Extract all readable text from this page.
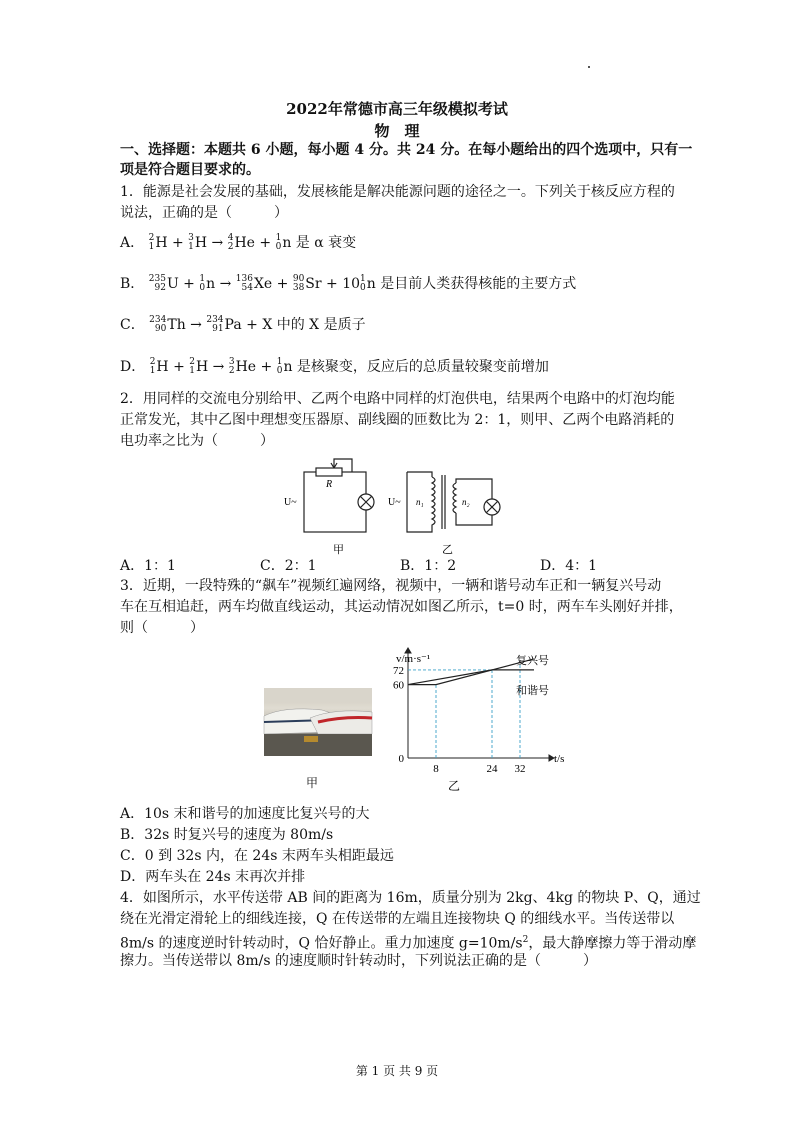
2022年常德市高三年级模拟考试
物　理
一、选择题：本题共 6 小题，每小题 4 分。共 24 分。在每小题给出的四个选项中，只有一
项是符合题目要求的。
1．能源是社会发展的基础，发展核能是解决能源问题的途径之一。下列关于核反应方程的
说法，正确的是（　　　）
A． 2
1 H + 3
1 H → 4
2 He + 1
0 n 是 α 衰变
B． 235
92 U + 1
0 n → 136
54 Xe + 90
38 Sr + 10 1
0 n 是目前人类获得核能的主要方式
C． 234
90 Th → 234
91 Pa + X 中的 X 是质子
D． 2
1 H + 2
1 H → 3
2 He + 1
0 n 是核聚变，反应后的总质量较聚变前增加
2．用同样的交流电分别给甲、乙两个电路中同样的灯泡供电，结果两个电路中的灯泡均能
正常发光，其中乙图中理想变压器原、副线圈的匝数比为 2：1，则甲、乙两个电路消耗的
电功率之比为（　　　）
R
U~
甲
U~ n₁	n₂
乙
A．1：1	C．2：1	B．1：2	D．4：1
3．近期，一段特殊的“飙车”视频红遍网络，视频中，一辆和谐号动车正和一辆复兴号动
车在互相追赶，两车均做直线运动，其运动情况如图乙所示，t=0 时，两车车头刚好并排，
则（　　　）
甲
v/m·s⁻¹
t/s
0
60
72
8	24 32
复兴号
和谐号
乙
A．10s 末和谐号的加速度比复兴号的大
B．32s 时复兴号的速度为 80m/s
C．0 到 32s 内，在 24s 末两车头相距最远
D．两车头在 24s 末再次并排
4．如图所示，水平传送带 AB 间的距离为 16m，质量分别为 2kg、4kg 的物块 P、Q，通过
绕在光滑定滑轮上的细线连接，Q 在传送带的左端且连接物块 Q 的细线水平。当传送带以
8m/s 的速度逆时针转动时，Q 恰好静止。重力加速度 $g=10m/s^2$，最大静摩擦力等于滑动摩
擦力。当传送带以 8m/s 的速度顺时针转动时，下列说法正确的是（　　　）
第 1 页 共 9 页
